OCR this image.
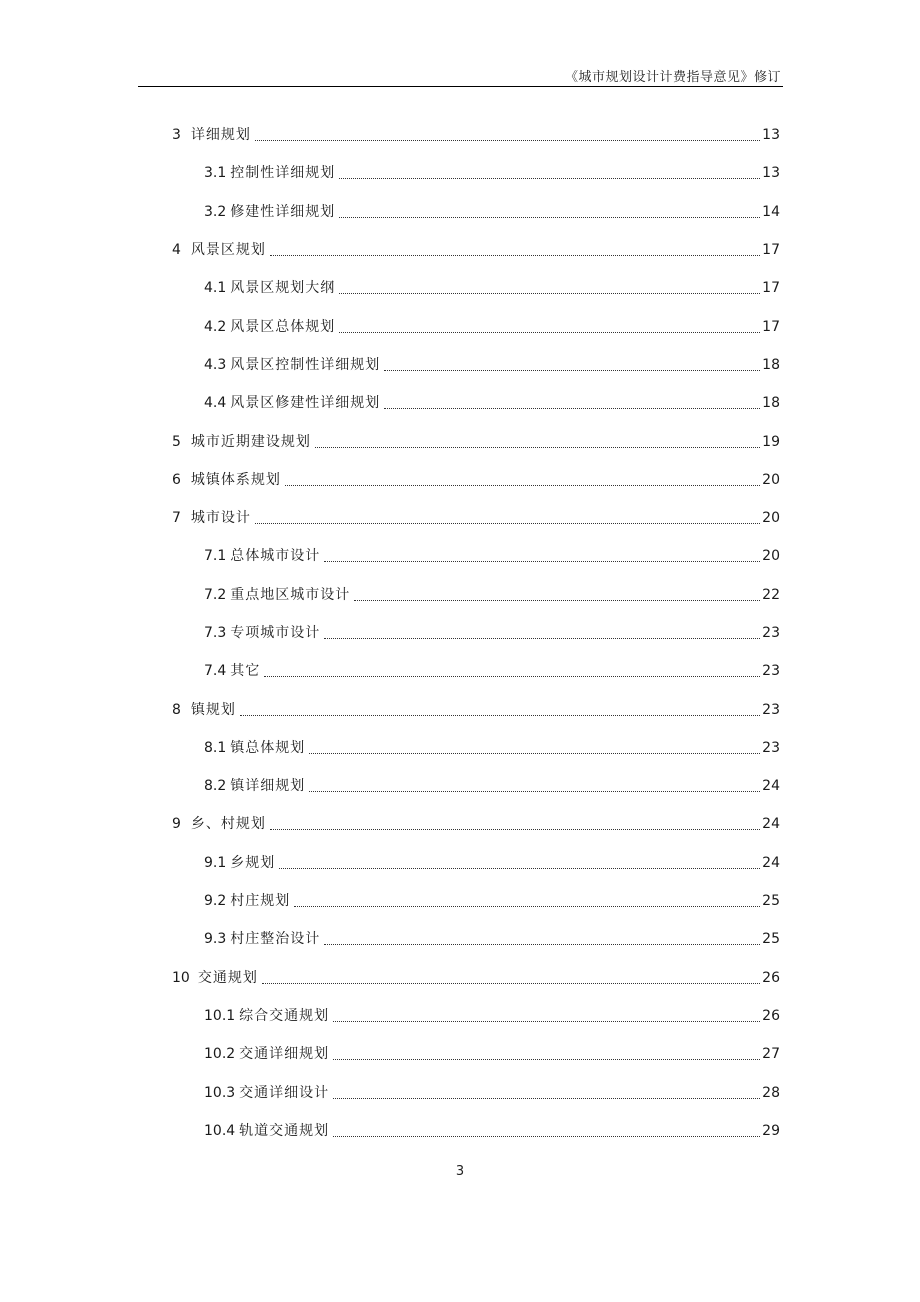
《城市规划设计计费指导意见》修订
3 详细规划	13
3.1 控制性详细规划	13
3.2 修建性详细规划	14
4 风景区规划	17
4.1 风景区规划大纲	17
4.2 风景区总体规划	17
4.3 风景区控制性详细规划	18
4.4 风景区修建性详细规划	18
5 城市近期建设规划	19
6 城镇体系规划	20
7 城市设计	20
7.1 总体城市设计	20
7.2 重点地区城市设计	22
7.3 专项城市设计	23
7.4 其它	23
8 镇规划	23
8.1 镇总体规划	23
8.2 镇详细规划	24
9 乡、村规划	24
9.1 乡规划	24
9.2 村庄规划	25
9.3 村庄整治设计	25
10 交通规划	26
10.1 综合交通规划	26
10.2 交通详细规划	27
10.3 交通详细设计	28
10.4 轨道交通规划	29
3
